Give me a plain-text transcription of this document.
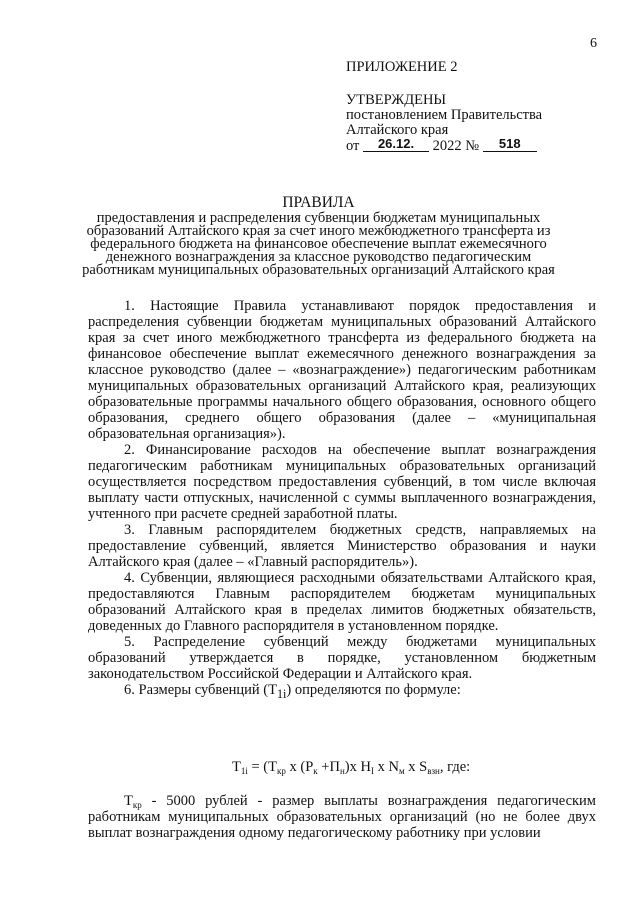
6
ПРИЛОЖЕНИЕ 2
УТВЕРЖДЕНЫ
постановлением Правительства
Алтайского края
от 26.12. 2022 № 518
ПРАВИЛА
предоставления и распределения субвенции бюджетам муниципальных
образований Алтайского края за счет иного межбюджетного трансферта из
федерального бюджета на финансовое обеспечение выплат ежемесячного
денежного вознаграждения за классное руководство педагогическим
работникам муниципальных образовательных организаций Алтайского края

1. Настоящие Правила устанавливают порядок предоставления и распределения субвенции бюджетам муниципальных образований Алтайского края за счет иного межбюджетного трансферта из федерального бюджета на финансовое обеспечение выплат ежемесячного денежного вознаграждения за классное руководство (далее – «вознаграждение») педагогическим работникам муниципальных образовательных организаций Алтайского края, реализующих образовательные программы начального общего образования, основного общего образования, среднего общего образования (далее – «муниципальная образовательная организация»).

2. Финансирование расходов на обеспечение выплат вознаграждения педагогическим работникам муниципальных образовательных организаций осуществляется посредством предоставления субвенций, в том числе включая выплату части отпускных, начисленной с суммы выплаченного вознаграждения, учтенного при расчете средней заработной платы.

3. Главным распорядителем бюджетных средств, направляемых на предоставление субвенций, является Министерство образования и науки Алтайского края (далее – «Главный распорядитель»).

4. Субвенции, являющиеся расходными обязательствами Алтайского края, предоставляются Главным распорядителем бюджетам муниципальных образований Алтайского края в пределах лимитов бюджетных обязательств, доведенных до Главного распорядителя в установленном порядке.

5. Распределение субвенций между бюджетами муниципальных образований утверждается в порядке, установленном бюджетным законодательством Российской Федерации и Алтайского края.

6. Размеры субвенций $(T_{1i})$ определяются по формуле:

$T_{1i} = (T_{кр}$ х $(Р_к +П_н)х$ $H_I$ х $N_м$ х $S_{взн}$, где:

$T_{кр} - 5000$ рублей - размер выплаты вознаграждения педагогическим работникам муниципальных образовательных организаций (но не более двух выплат вознаграждения одному педагогическому работнику при условии
